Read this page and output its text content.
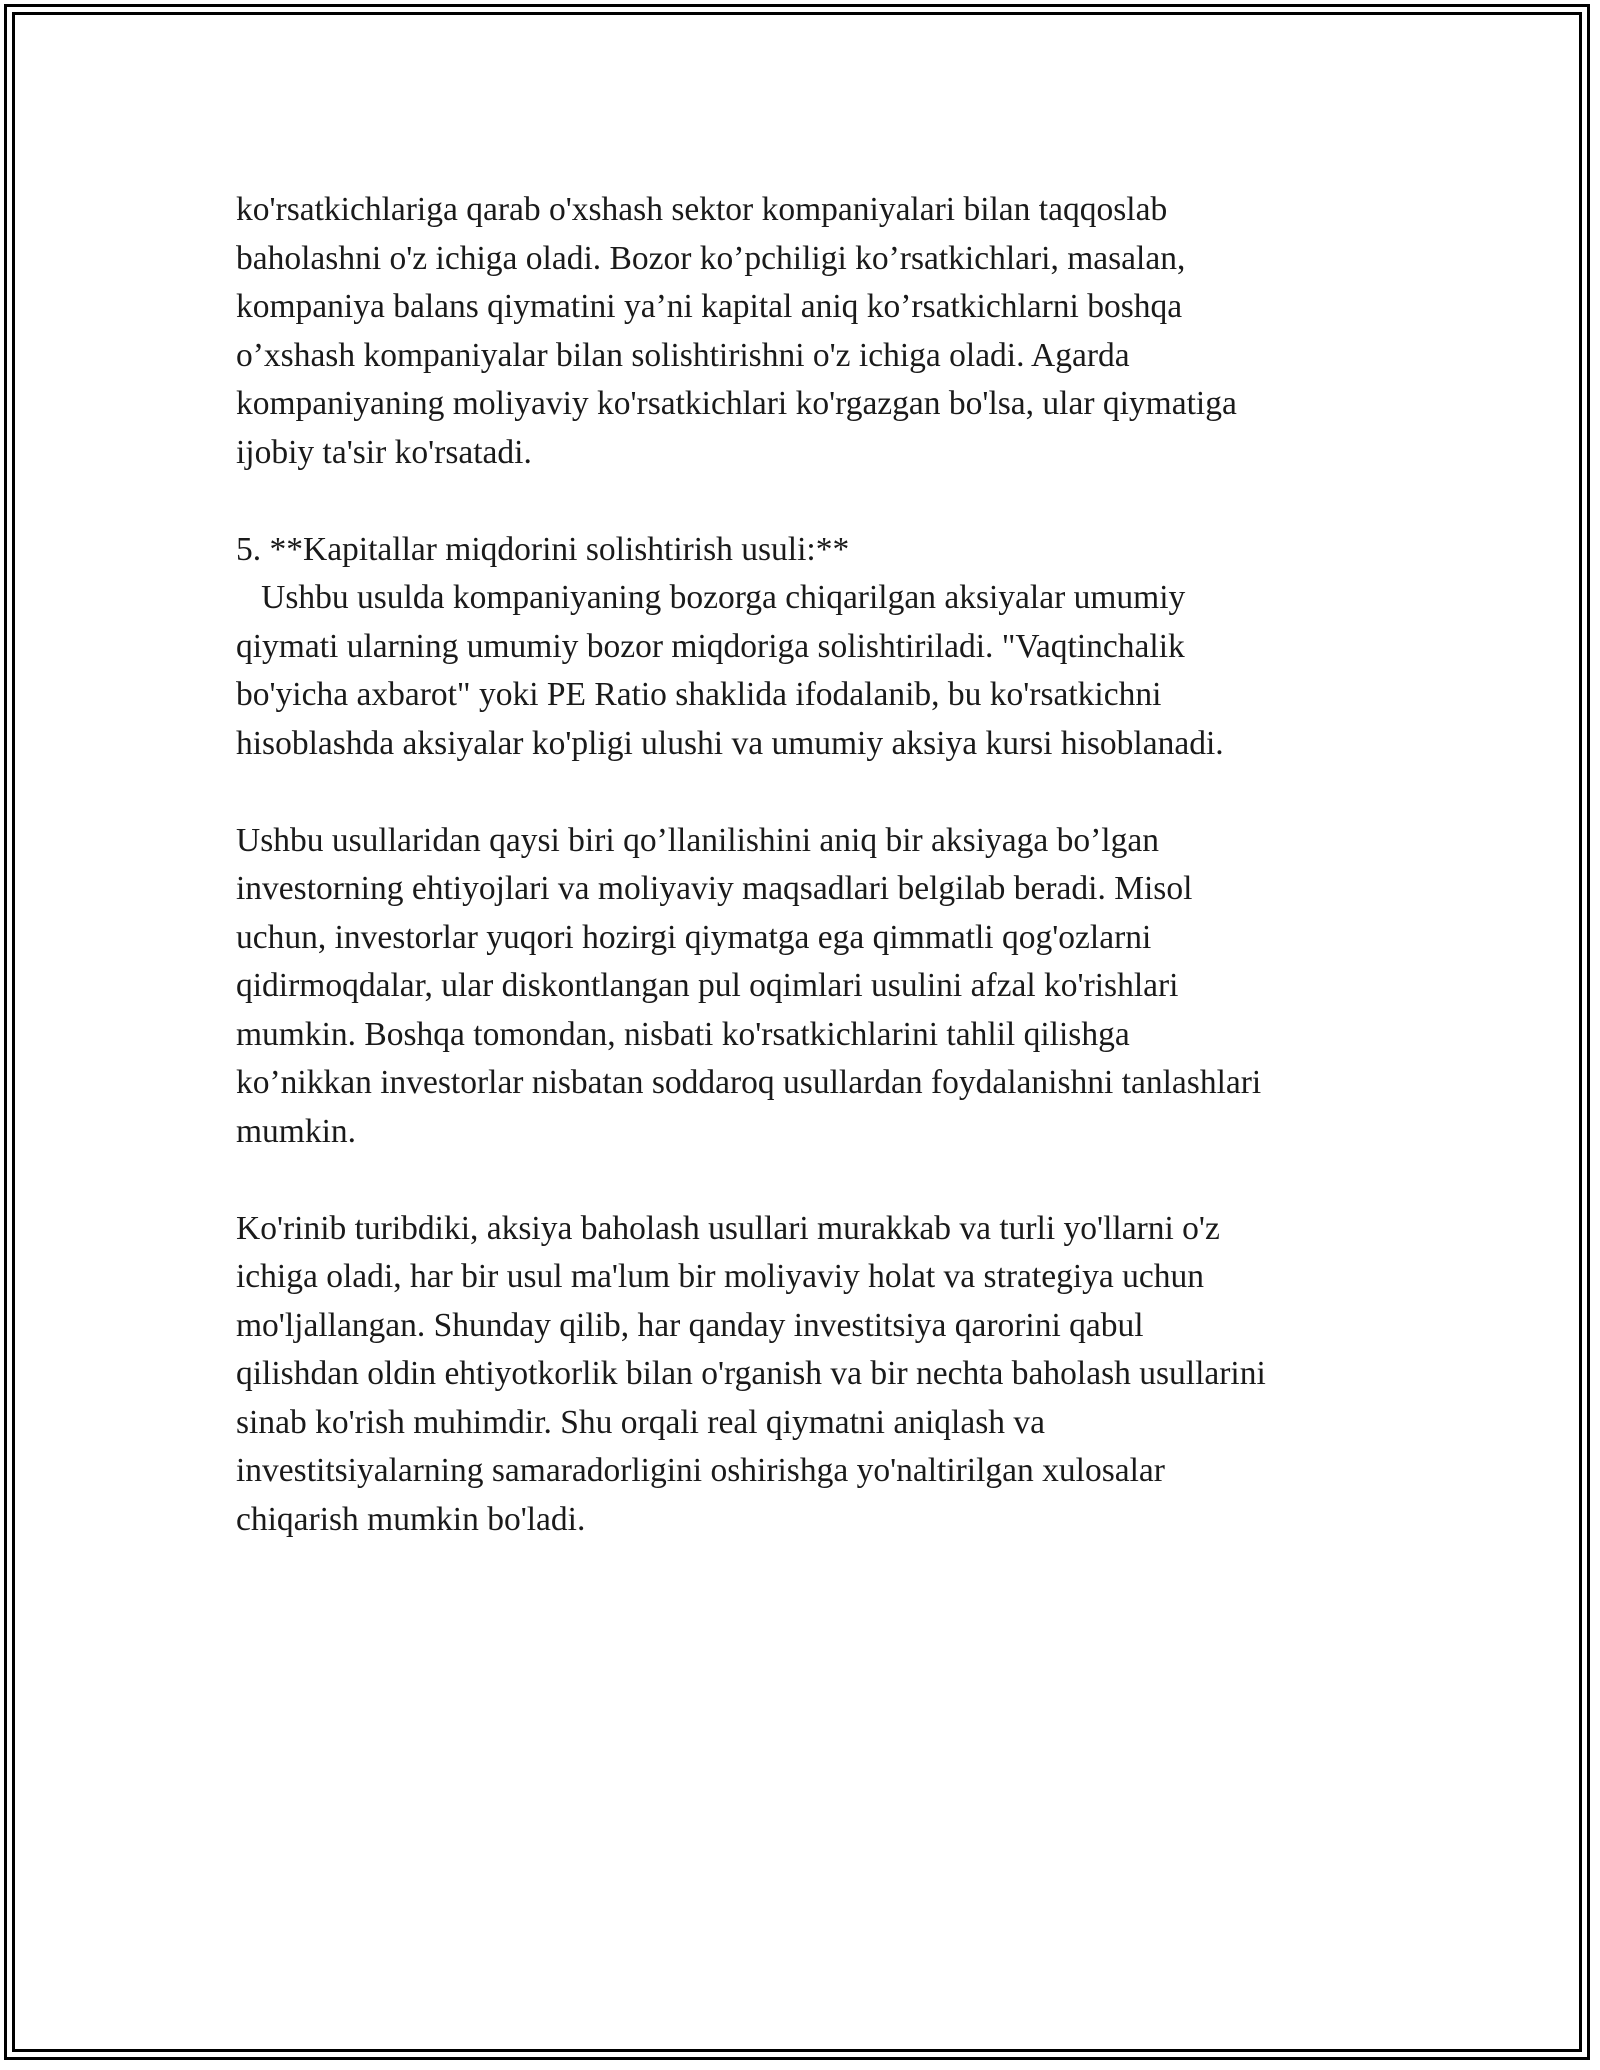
ko'rsatkichlariga qarab o'xshash sektor kompaniyalari bilan taqqoslab
baholashni o'z ichiga oladi. Bozor ko’pchiligi ko’rsatkichlari, masalan,
kompaniya balans qiymatini ya’ni kapital aniq ko’rsatkichlarni boshqa
o’xshash kompaniyalar bilan solishtirishni o'z ichiga oladi. Agarda
kompaniyaning moliyaviy ko'rsatkichlari ko'rgazgan bo'lsa, ular qiymatiga
ijobiy ta'sir ko'rsatadi.

5. **Kapitallar miqdorini solishtirish usuli:**
Ushbu usulda kompaniyaning bozorga chiqarilgan aksiyalar umumiy
qiymati ularning umumiy bozor miqdoriga solishtiriladi. "Vaqtinchalik
bo'yicha axbarot" yoki PE Ratio shaklida ifodalanib, bu ko'rsatkichni
hisoblashda aksiyalar ko'pligi ulushi va umumiy aksiya kursi hisoblanadi.

Ushbu usullaridan qaysi biri qo’llanilishini aniq bir aksiyaga bo’lgan
investorning ehtiyojlari va moliyaviy maqsadlari belgilab beradi. Misol
uchun, investorlar yuqori hozirgi qiymatga ega qimmatli qog'ozlarni
qidirmoqdalar, ular diskontlangan pul oqimlari usulini afzal ko'rishlari
mumkin. Boshqa tomondan, nisbati ko'rsatkichlarini tahlil qilishga
ko’nikkan investorlar nisbatan soddaroq usullardan foydalanishni tanlashlari
mumkin.

Ko'rinib turibdiki, aksiya baholash usullari murakkab va turli yo'llarni o'z
ichiga oladi, har bir usul ma'lum bir moliyaviy holat va strategiya uchun
mo'ljallangan. Shunday qilib, har qanday investitsiya qarorini qabul
qilishdan oldin ehtiyotkorlik bilan o'rganish va bir nechta baholash usullarini
sinab ko'rish muhimdir. Shu orqali real qiymatni aniqlash va
investitsiyalarning samaradorligini oshirishga yo'naltirilgan xulosalar
chiqarish mumkin bo'ladi.
